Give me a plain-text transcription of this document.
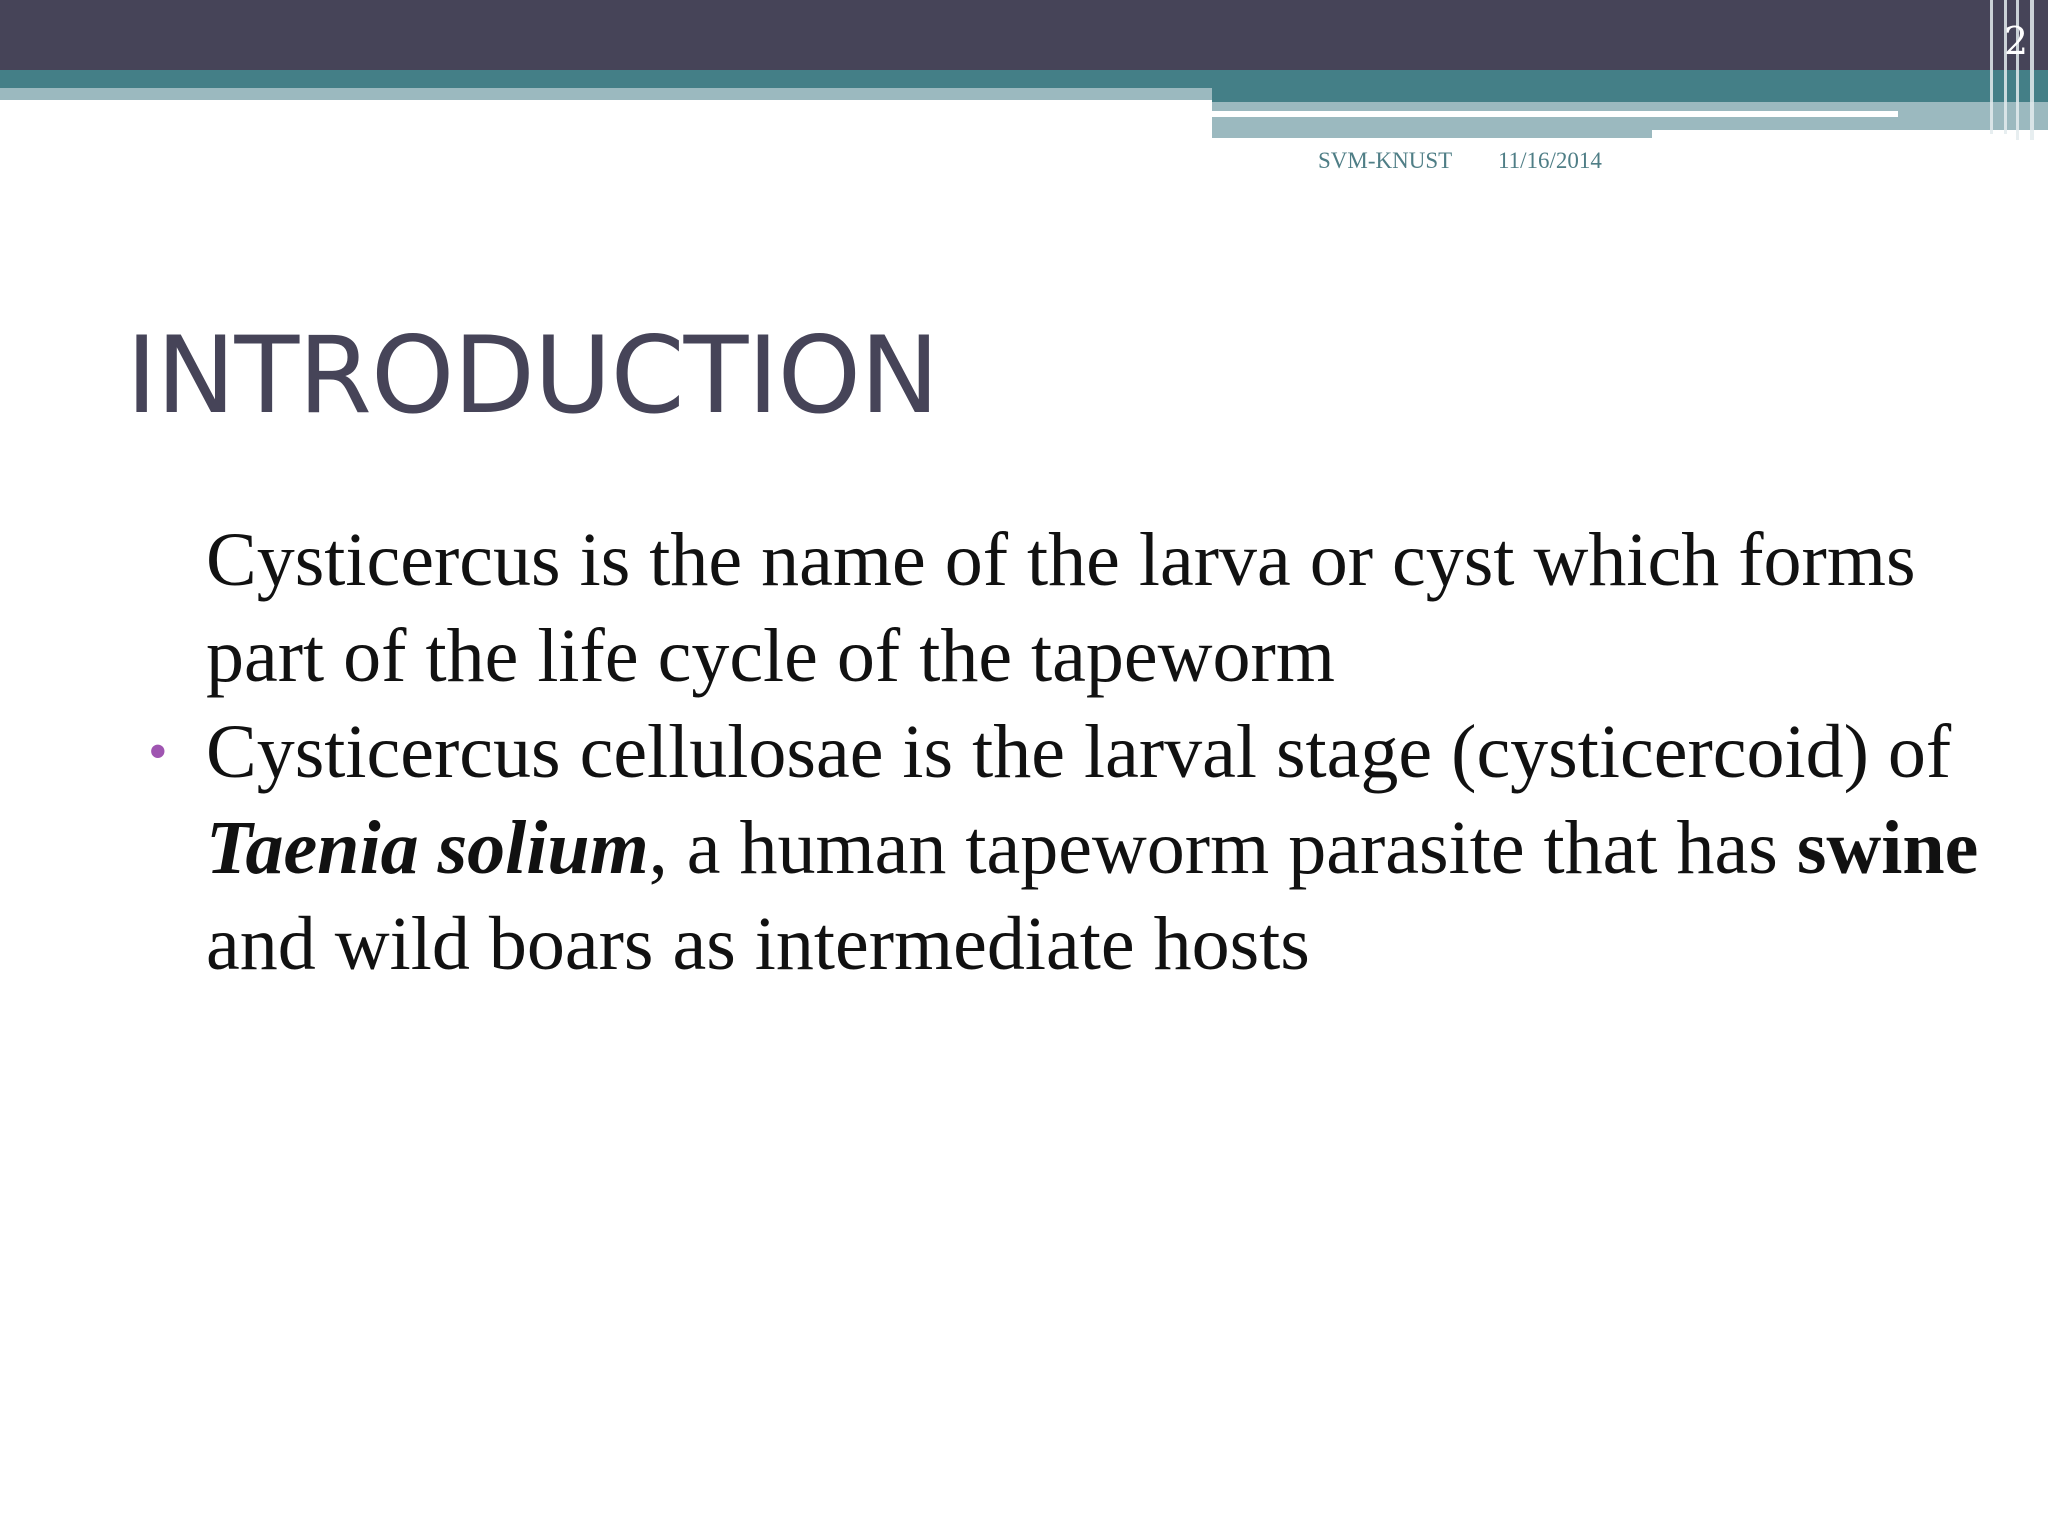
2
SVM-KNUST 11/16/2014
INTRODUCTION

Cysticercus is the name of the larva or cyst which forms part of the life cycle of the tapeworm

• Cysticercus cellulosae is the larval stage (cysticercoid) of Taenia solium, a human tapeworm parasite that has swine and wild boars as intermediate hosts
